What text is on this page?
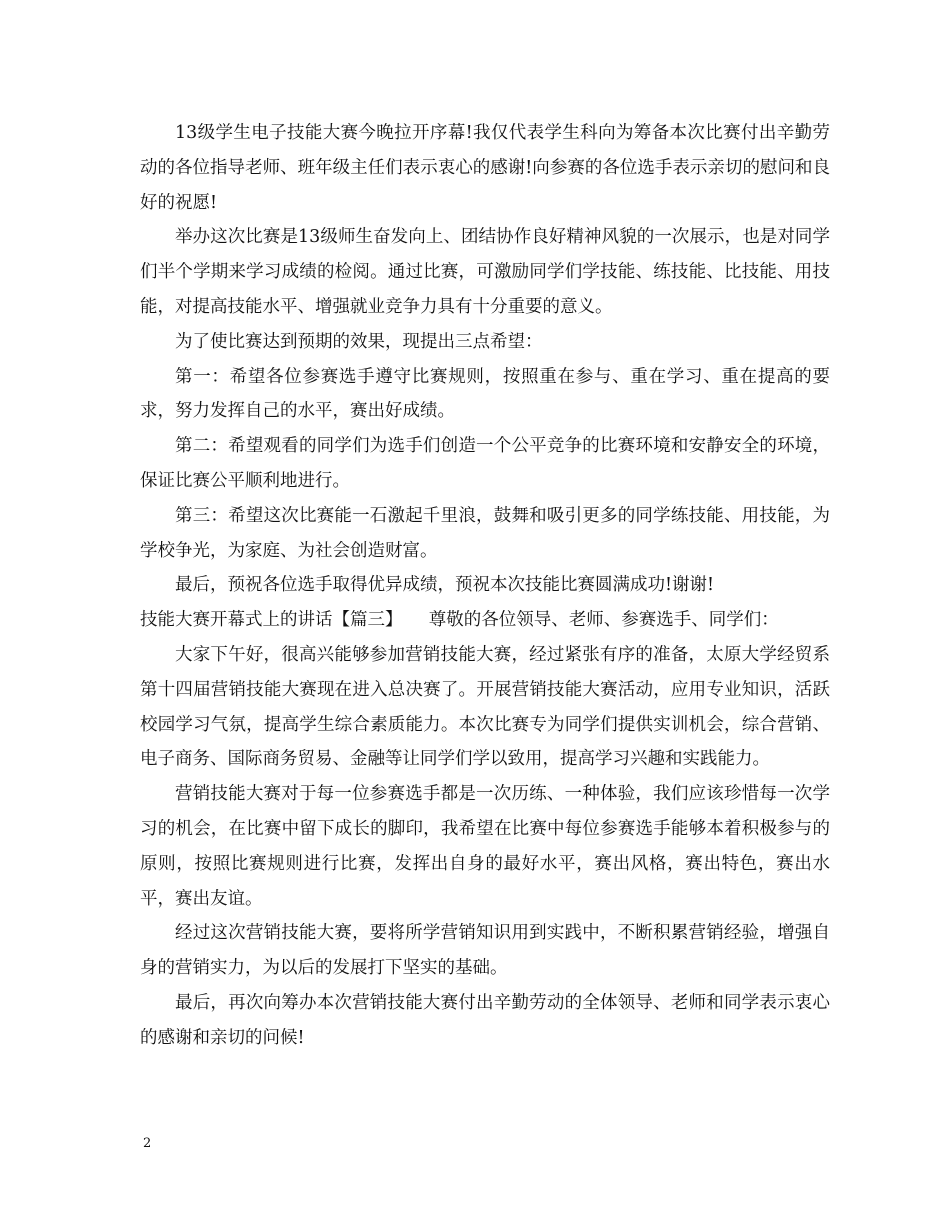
13级学生电子技能大赛今晚拉开序幕!我仅代表学生科向为筹备本次比赛付出辛勤劳动的各位指导老师、班年级主任们表示衷心的感谢!向参赛的各位选手表示亲切的慰问和良好的祝愿!

举办这次比赛是13级师生奋发向上、团结协作良好精神风貌的一次展示，也是对同学们半个学期来学习成绩的检阅。通过比赛，可激励同学们学技能、练技能、比技能、用技能，对提高技能水平、增强就业竞争力具有十分重要的意义。

为了使比赛达到预期的效果，现提出三点希望：

第一：希望各位参赛选手遵守比赛规则，按照重在参与、重在学习、重在提高的要求，努力发挥自己的水平，赛出好成绩。

第二：希望观看的同学们为选手们创造一个公平竞争的比赛环境和安静安全的环境，保证比赛公平顺利地进行。

第三：希望这次比赛能一石激起千里浪，鼓舞和吸引更多的同学练技能、用技能，为学校争光，为家庭、为社会创造财富。

最后，预祝各位选手取得优异成绩，预祝本次技能比赛圆满成功!谢谢!

技能大赛开幕式上的讲话【篇三】　　尊敬的各位领导、老师、参赛选手、同学们：

大家下午好，很高兴能够参加营销技能大赛，经过紧张有序的准备，太原大学经贸系第十四届营销技能大赛现在进入总决赛了。开展营销技能大赛活动，应用专业知识，活跃校园学习气氛，提高学生综合素质能力。本次比赛专为同学们提供实训机会，综合营销、电子商务、国际商务贸易、金融等让同学们学以致用，提高学习兴趣和实践能力。

营销技能大赛对于每一位参赛选手都是一次历练、一种体验，我们应该珍惜每一次学习的机会，在比赛中留下成长的脚印，我希望在比赛中每位参赛选手能够本着积极参与的原则，按照比赛规则进行比赛，发挥出自身的最好水平，赛出风格，赛出特色，赛出水平，赛出友谊。

经过这次营销技能大赛，要将所学营销知识用到实践中，不断积累营销经验，增强自身的营销实力，为以后的发展打下坚实的基础。

最后，再次向筹办本次营销技能大赛付出辛勤劳动的全体领导、老师和同学表示衷心的感谢和亲切的问候!

2
